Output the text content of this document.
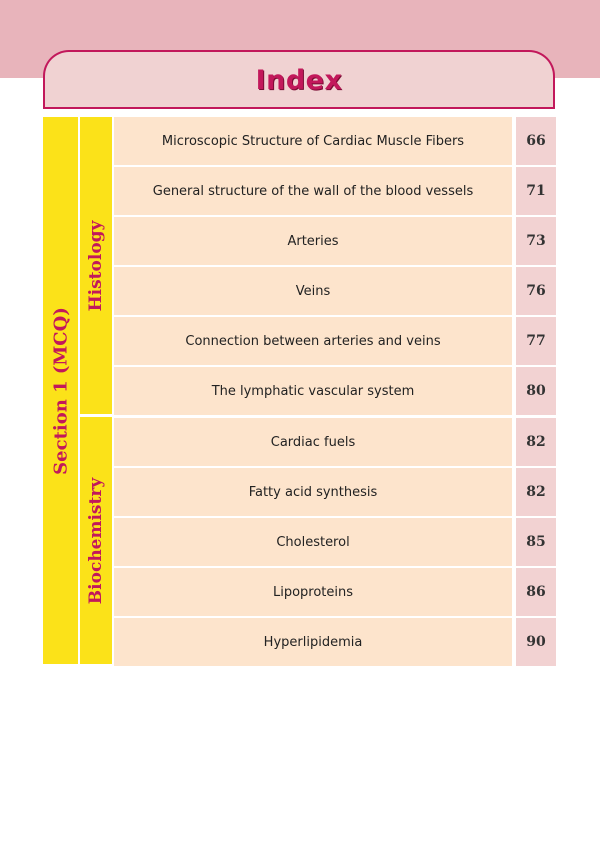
Index
Section 1 (MCQ)
Histology
Biochemistry
Microscopic Structure of Cardiac Muscle Fibers	66
General structure of the wall of the blood vessels	71
Arteries	73
Veins	76
Connection between arteries and veins	77
The lymphatic vascular system	80
Cardiac fuels	82
Fatty acid synthesis	82
Cholesterol	85
Lipoproteins	86
Hyperlipidemia	90
